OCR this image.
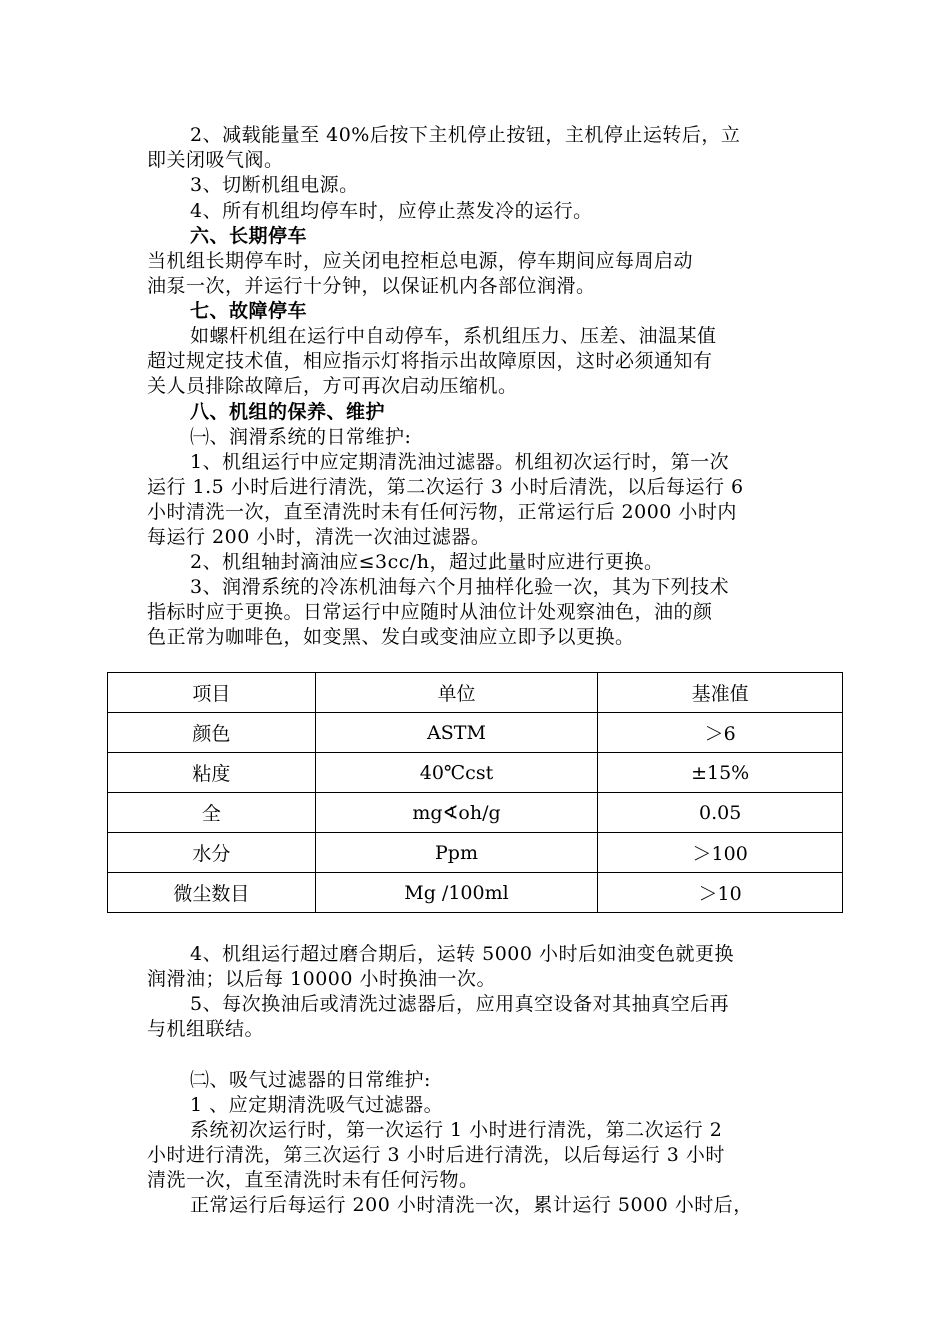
2、减载能量至 40%后按下主机停止按钮，主机停止运转后，立
即关闭吸气阀。
3、切断机组电源。
4、所有机组均停车时，应停止蒸发冷的运行。
六、长期停车
当机组长期停车时，应关闭电控柜总电源，停车期间应每周启动
油泵一次，并运行十分钟，以保证机内各部位润滑。
七、故障停车
如螺杆机组在运行中自动停车，系机组压力、压差、油温某值
超过规定技术值，相应指示灯将指示出故障原因，这时必须通知有
关人员排除故障后，方可再次启动压缩机。
八、机组的保养、维护
㈠、润滑系统的日常维护:
1、机组运行中应定期清洗油过滤器。机组初次运行时，第一次
运行 1.5 小时后进行清洗，第二次运行 3 小时后清洗，以后每运行 6
小时清洗一次，直至清洗时未有任何污物，正常运行后 2000 小时内
每运行 200 小时，清洗一次油过滤器。
2、机组轴封滴油应≤3cc/h，超过此量时应进行更换。
3、润滑系统的冷冻机油每六个月抽样化验一次，其为下列技术
指标时应于更换。日常运行中应随时从油位计处观察油色，油的颜
色正常为咖啡色，如变黑、发白或变油应立即予以更换。
项目	单位	基准值
颜色	ASTM	＞6
粘度	40℃cst	±15%
全	mg∢oh/g	0.05
水分	Ppm	＞100
微尘数目	Mg /100ml	＞10
4、机组运行超过磨合期后，运转 5000 小时后如油变色就更换
润滑油；以后每 10000 小时换油一次。
5、每次换油后或清洗过滤器后，应用真空设备对其抽真空后再
与机组联结。
㈡、吸气过滤器的日常维护:
1 、应定期清洗吸气过滤器。
系统初次运行时，第一次运行 1 小时进行清洗，第二次运行 2
小时进行清洗，第三次运行 3 小时后进行清洗，以后每运行 3 小时
清洗一次，直至清洗时未有任何污物。
正常运行后每运行 200 小时清洗一次，累计运行 5000 小时后，
